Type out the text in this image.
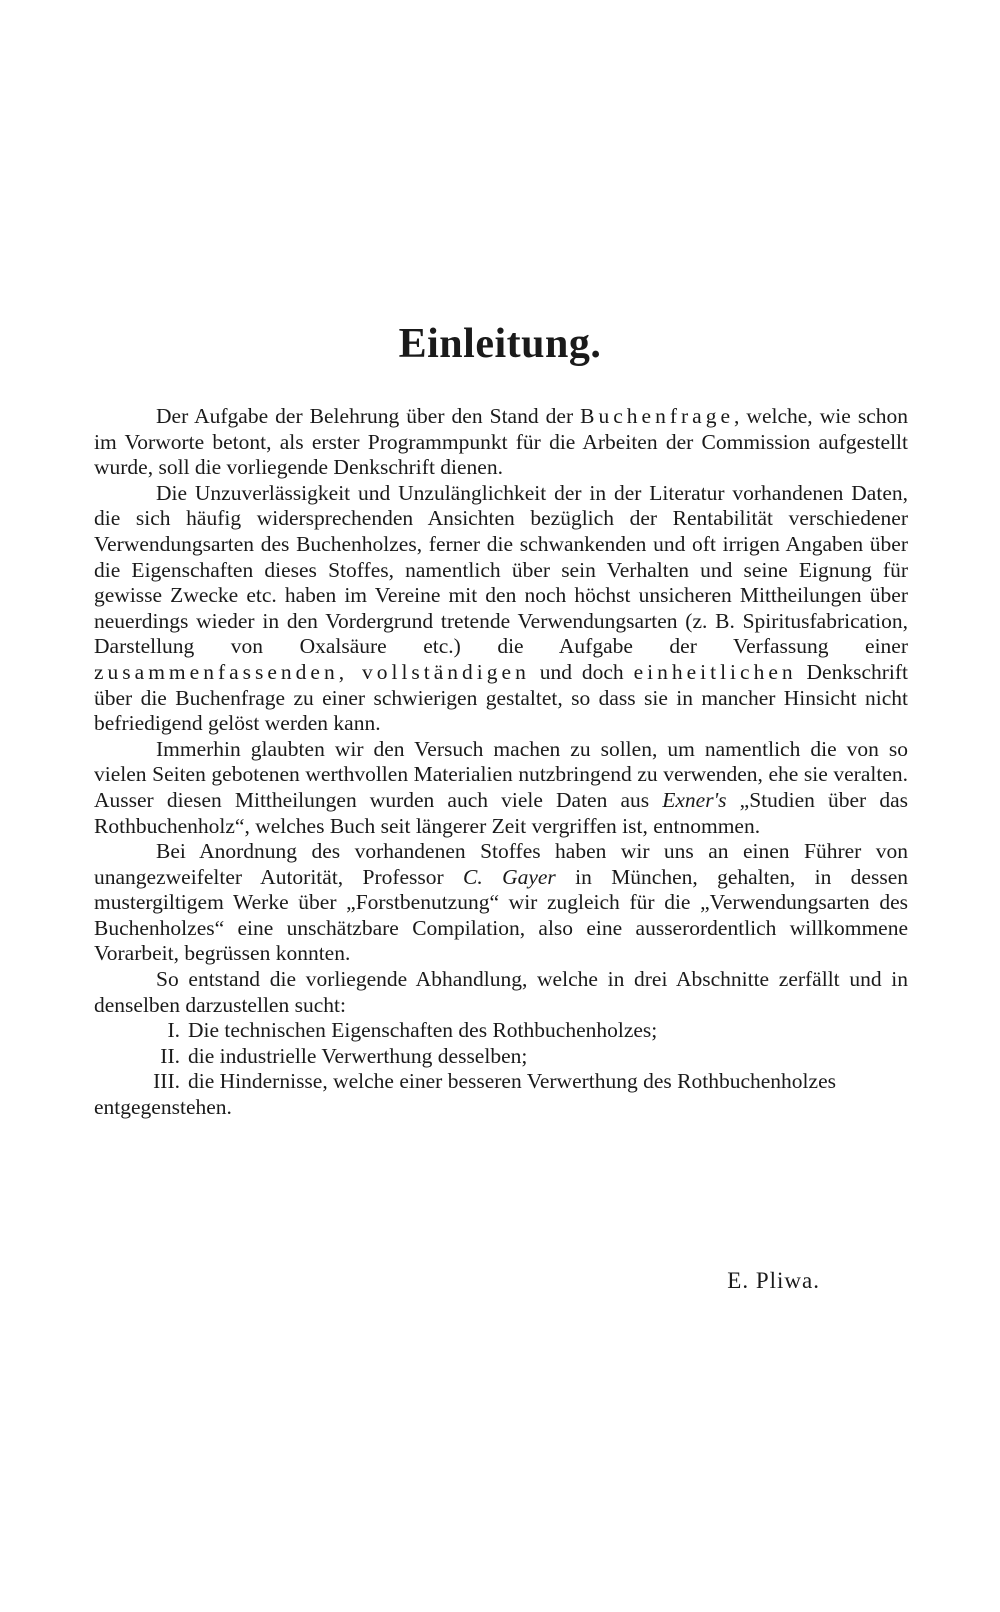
Einleitung.

Der Aufgabe der Belehrung über den Stand der Buchenfrage, welche, wie schon im Vorworte betont, als erster Programmpunkt für die Arbeiten der Commission aufgestellt wurde, soll die vorliegende Denkschrift dienen.

Die Unzuverlässigkeit und Unzulänglichkeit der in der Literatur vorhandenen Daten, die sich häufig widersprechenden Ansichten bezüglich der Rentabilität verschiedener Verwendungsarten des Buchenholzes, ferner die schwankenden und oft irrigen Angaben über die Eigenschaften dieses Stoffes, namentlich über sein Verhalten und seine Eignung für gewisse Zwecke etc. haben im Vereine mit den noch höchst unsicheren Mittheilungen über neuerdings wieder in den Vordergrund tretende Verwendungsarten (z. B. Spiritusfabrication, Darstellung von Oxalsäure etc.) die Aufgabe der Verfassung einer zusammenfassenden, vollständigen und doch einheitlichen Denkschrift über die Buchenfrage zu einer schwierigen gestaltet, so dass sie in mancher Hinsicht nicht befriedigend gelöst werden kann.

Immerhin glaubten wir den Versuch machen zu sollen, um namentlich die von so vielen Seiten gebotenen werthvollen Materialien nutzbringend zu verwenden, ehe sie veralten. Ausser diesen Mittheilungen wurden auch viele Daten aus Exner's „Studien über das Rothbuchenholz“, welches Buch seit längerer Zeit vergriffen ist, entnommen.

Bei Anordnung des vorhandenen Stoffes haben wir uns an einen Führer von unangezweifelter Autorität, Professor C. Gayer in München, gehalten, in dessen mustergiltigem Werke über „Forstbenutzung“ wir zugleich für die „Verwendungsarten des Buchenholzes“ eine unschätzbare Compilation, also eine ausserordentlich willkommene Vorarbeit, begrüssen konnten.

So entstand die vorliegende Abhandlung, welche in drei Abschnitte zerfällt und in denselben darzustellen sucht:

I. Die technischen Eigenschaften des Rothbuchenholzes;
II. die industrielle Verwerthung desselben;
III. die Hindernisse, welche einer besseren Verwerthung des Rothbuchenholzes entgegenstehen.
E. Pliwa.
